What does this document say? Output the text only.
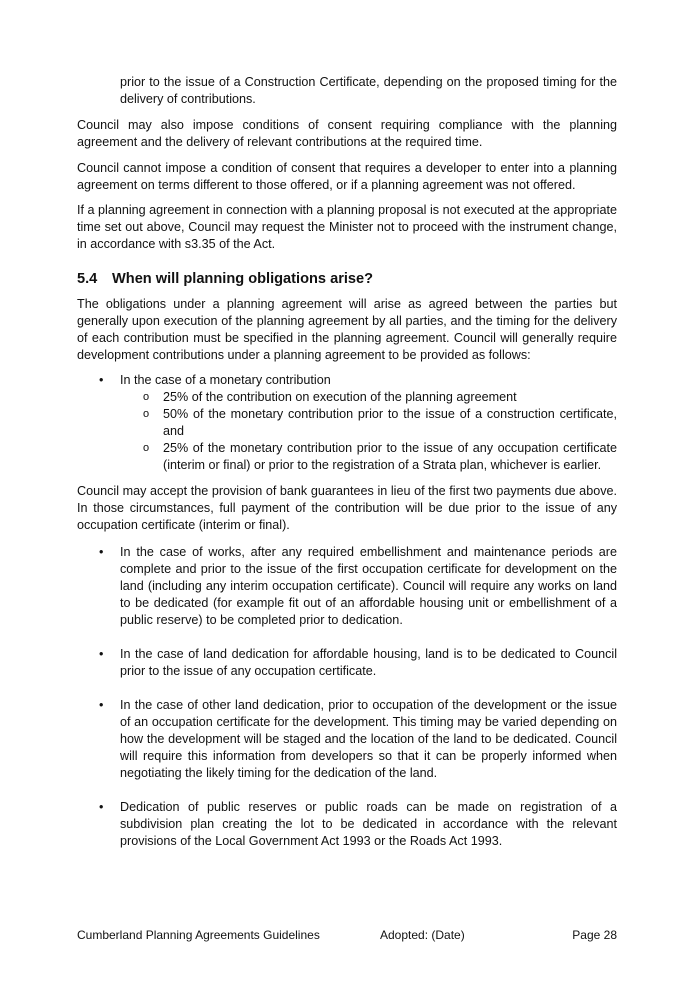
prior to the issue of a Construction Certificate, depending on the proposed timing for the delivery of contributions.

Council may also impose conditions of consent requiring compliance with the planning agreement and the delivery of relevant contributions at the required time.

Council cannot impose a condition of consent that requires a developer to enter into a planning agreement on terms different to those offered, or if a planning agreement was not offered.

If a planning agreement in connection with a planning proposal is not executed at the appropriate time set out above, Council may request the Minister not to proceed with the instrument change, in accordance with s3.35 of the Act.

5.4 When will planning obligations arise?

The obligations under a planning agreement will arise as agreed between the parties but generally upon execution of the planning agreement by all parties, and the timing for the delivery of each contribution must be specified in the planning agreement. Council will generally require development contributions under a planning agreement to be provided as follows:

• In the case of a monetary contribution
o 25% of the contribution on execution of the planning agreement
o 50% of the monetary contribution prior to the issue of a construction certificate, and
o 25% of the monetary contribution prior to the issue of any occupation certificate (interim or final) or prior to the registration of a Strata plan, whichever is earlier.

Council may accept the provision of bank guarantees in lieu of the first two payments due above. In those circumstances, full payment of the contribution will be due prior to the issue of any occupation certificate (interim or final).

• In the case of works, after any required embellishment and maintenance periods are complete and prior to the issue of the first occupation certificate for development on the land (including any interim occupation certificate). Council will require any works on land to be dedicated (for example fit out of an affordable housing unit or embellishment of a public reserve) to be completed prior to dedication.
• In the case of land dedication for affordable housing, land is to be dedicated to Council prior to the issue of any occupation certificate.
• In the case of other land dedication, prior to occupation of the development or the issue of an occupation certificate for the development. This timing may be varied depending on how the development will be staged and the location of the land to be dedicated. Council will require this information from developers so that it can be properly informed when negotiating the likely timing for the dedication of the land.
• Dedication of public reserves or public roads can be made on registration of a subdivision plan creating the lot to be dedicated in accordance with the relevant provisions of the Local Government Act 1993 or the Roads Act 1993.
Cumberland Planning Agreements Guidelines	Adopted: (Date)	Page 28
